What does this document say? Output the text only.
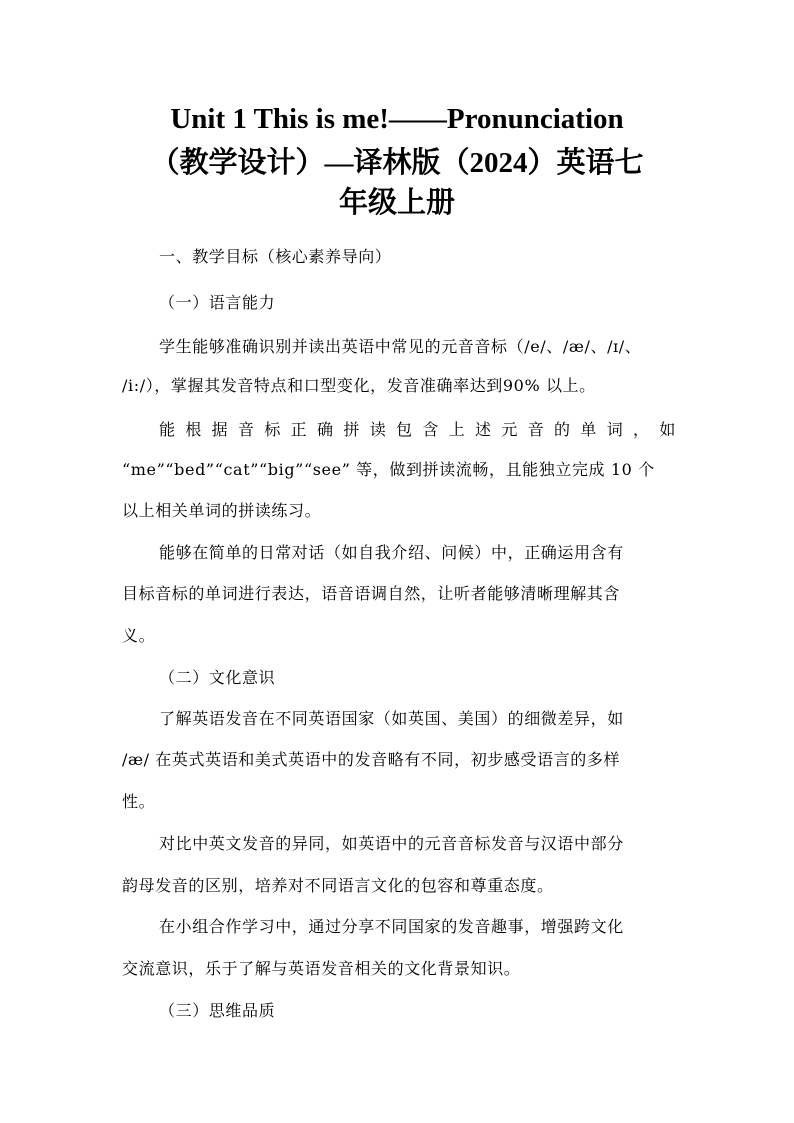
Unit 1 This is me!——Pronunciation
（教学设计）—译林版（2024）英语七
年级上册
一、教学目标（核心素养导向）
（一）语言能力
学生能够准确识别并读出英语中常见的元音音标（/e/、/æ/、/ɪ/、
/i:/），掌握其发音特点和口型变化，发音准确率达到90% 以上。
能 根 据 音 标 正 确 拼 读 包 含 上 述 元 音 的 单 词 ， 如
“me”“bed”“cat”“big”“see” 等，做到拼读流畅，且能独立完成 10 个
以上相关单词的拼读练习。
能够在简单的日常对话（如自我介绍、问候）中，正确运用含有
目标音标的单词进行表达，语音语调自然，让听者能够清晰理解其含
义。
（二）文化意识
了解英语发音在不同英语国家（如英国、美国）的细微差异，如
/æ/ 在英式英语和美式英语中的发音略有不同，初步感受语言的多样
性。
对比中英文发音的异同，如英语中的元音音标发音与汉语中部分
韵母发音的区别，培养对不同语言文化的包容和尊重态度。
在小组合作学习中，通过分享不同国家的发音趣事，增强跨文化
交流意识，乐于了解与英语发音相关的文化背景知识。
（三）思维品质
